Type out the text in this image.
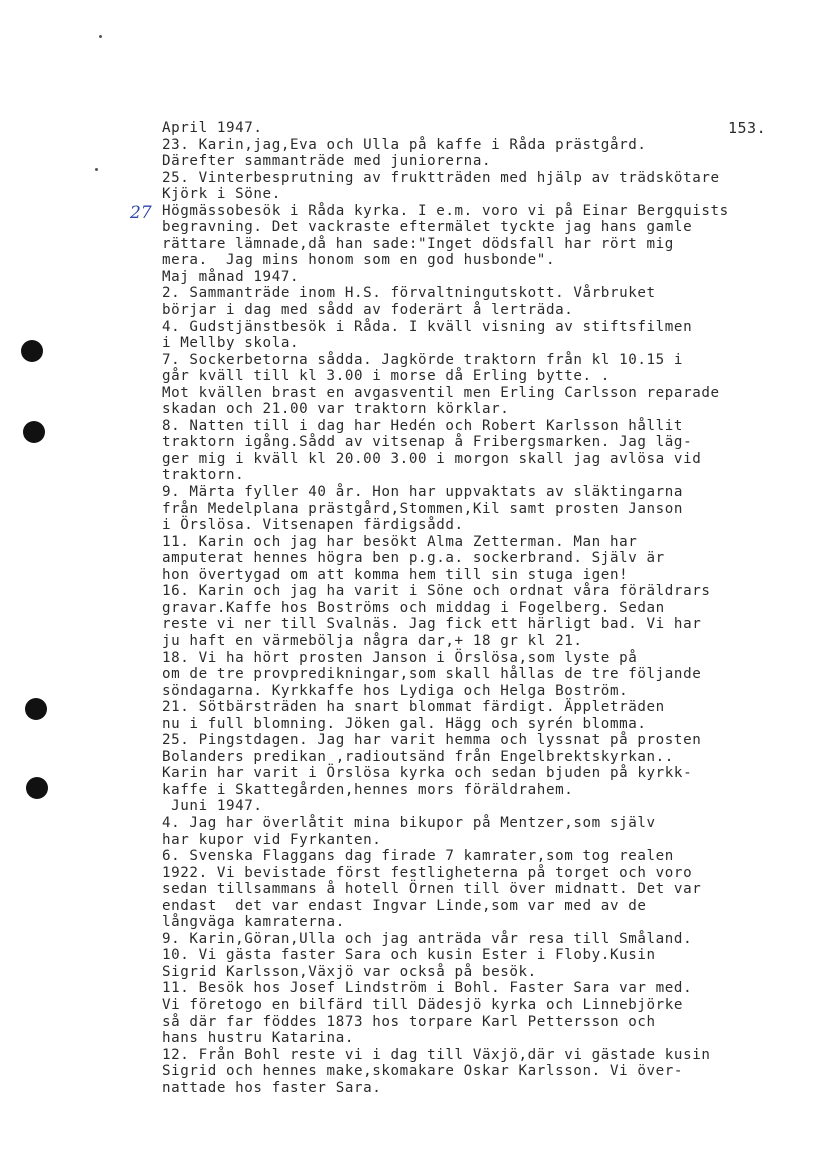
153.
27
April 1947.
23. Karin,jag,Eva och Ulla på kaffe i Råda prästgård.
Därefter sammanträde med juniorerna.
25. Vinterbesprutning av fruktträden med hjälp av trädskötare
Kjörk i Söne.
Högmässobesök i Råda kyrka. I e.m. voro vi på Einar Bergquists
begravning. Det vackraste eftermälet tyckte jag hans gamle
rättare lämnade,då han sade:"Inget dödsfall har rört mig
mera.  Jag mins honom som en god husbonde".
Maj månad 1947.
2. Sammanträde inom H.S. förvaltningutskott. Vårbruket
börjar i dag med sådd av foderärt å lerträda.
4. Gudstjänstbesök i Råda. I kväll visning av stiftsfilmen
i Mellby skola.
7. Sockerbetorna sådda. Jagkörde traktorn från kl 10.15 i
går kväll till kl 3.00 i morse då Erling bytte. .
Mot kvällen brast en avgasventil men Erling Carlsson reparade
skadan och 21.00 var traktorn körklar.
8. Natten till i dag har Hedén och Robert Karlsson hållit
traktorn igång.Sådd av vitsenap å Fribergsmarken. Jag läg-
ger mig i kväll kl 20.00 3.00 i morgon skall jag avlösa vid
traktorn.
9. Märta fyller 40 år. Hon har uppvaktats av släktingarna
från Medelplana prästgård,Stommen,Kil samt prosten Janson
i Örslösa. Vitsenapen färdigsådd.
11. Karin och jag har besökt Alma Zetterman. Man har
amputerat hennes högra ben p.g.a. sockerbrand. Själv är
hon övertygad om att komma hem till sin stuga igen!
16. Karin och jag ha varit i Söne och ordnat våra föräldrars
gravar.Kaffe hos Boströms och middag i Fogelberg. Sedan
reste vi ner till Svalnäs. Jag fick ett härligt bad. Vi har
ju haft en värmebölja några dar,+ 18 gr kl 21.
18. Vi ha hört prosten Janson i Örslösa,som lyste på
om de tre provpredikningar,som skall hållas de tre följande
söndagarna. Kyrkkaffe hos Lydiga och Helga Boström.
21. Sötbärsträden ha snart blommat färdigt. Äppleträden
nu i full blomning. Jöken gal. Hägg och syrén blomma.
25. Pingstdagen. Jag har varit hemma och lyssnat på prosten
Bolanders predikan ,radioutsänd från Engelbrektskyrkan..
Karin har varit i Örslösa kyrka och sedan bjuden på kyrkk-
kaffe i Skattegården,hennes mors föräldrahem.
Juni 1947.
4. Jag har överlåtit mina bikupor på Mentzer,som själv
har kupor vid Fyrkanten.
6. Svenska Flaggans dag firade 7 kamrater,som tog realen
1922. Vi bevistade först festligheterna på torget och voro
sedan tillsammans å hotell Örnen till över midnatt. Det var
endast  det var endast Ingvar Linde,som var med av de
långväga kamraterna.
9. Karin,Göran,Ulla och jag anträda vår resa till Småland.
10. Vi gästa faster Sara och kusin Ester i Floby.Kusin
Sigrid Karlsson,Växjö var också på besök.
11. Besök hos Josef Lindström i Bohl. Faster Sara var med.
Vi företogo en bilfärd till Dädesjö kyrka och Linnebjörke
så där far föddes 1873 hos torpare Karl Pettersson och
hans hustru Katarina.
12. Från Bohl reste vi i dag till Växjö,där vi gästade kusin
Sigrid och hennes make,skomakare Oskar Karlsson. Vi över-
nattade hos faster Sara.
